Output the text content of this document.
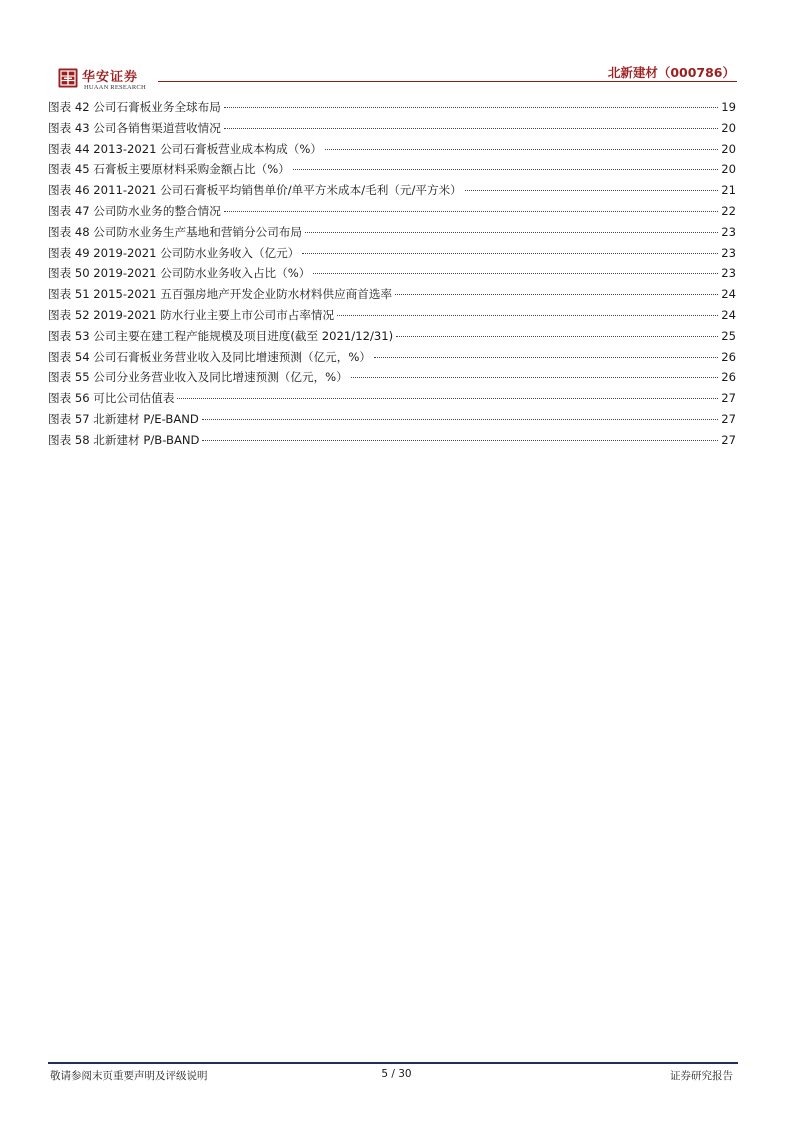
华安证券
HUAAN RESEARCH
北新建材（000786）
图表 42 公司石膏板业务全球布局	19
图表 43 公司各销售渠道营收情况	20
图表 44 2013-2021 公司石膏板营业成本构成（%）	20
图表 45 石膏板主要原材料采购金额占比（%）	20
图表 46 2011-2021 公司石膏板平均销售单价/单平方米成本/毛利（元/平方米）	21
图表 47 公司防水业务的整合情况	22
图表 48 公司防水业务生产基地和营销分公司布局	23
图表 49 2019-2021 公司防水业务收入（亿元）	23
图表 50 2019-2021 公司防水业务收入占比（%）	23
图表 51 2015-2021 五百强房地产开发企业防水材料供应商首选率	24
图表 52 2019-2021 防水行业主要上市公司市占率情况	24
图表 53 公司主要在建工程产能规模及项目进度(截至 2021/12/31)	25
图表 54 公司石膏板业务营业收入及同比增速预测（亿元，%）	26
图表 55 公司分业务营业收入及同比增速预测（亿元，%）	26
图表 56 可比公司估值表	27
图表 57 北新建材 P/E-BAND	27
图表 58 北新建材 P/B-BAND	27
敬请参阅末页重要声明及评级说明	5 / 30	证券研究报告
